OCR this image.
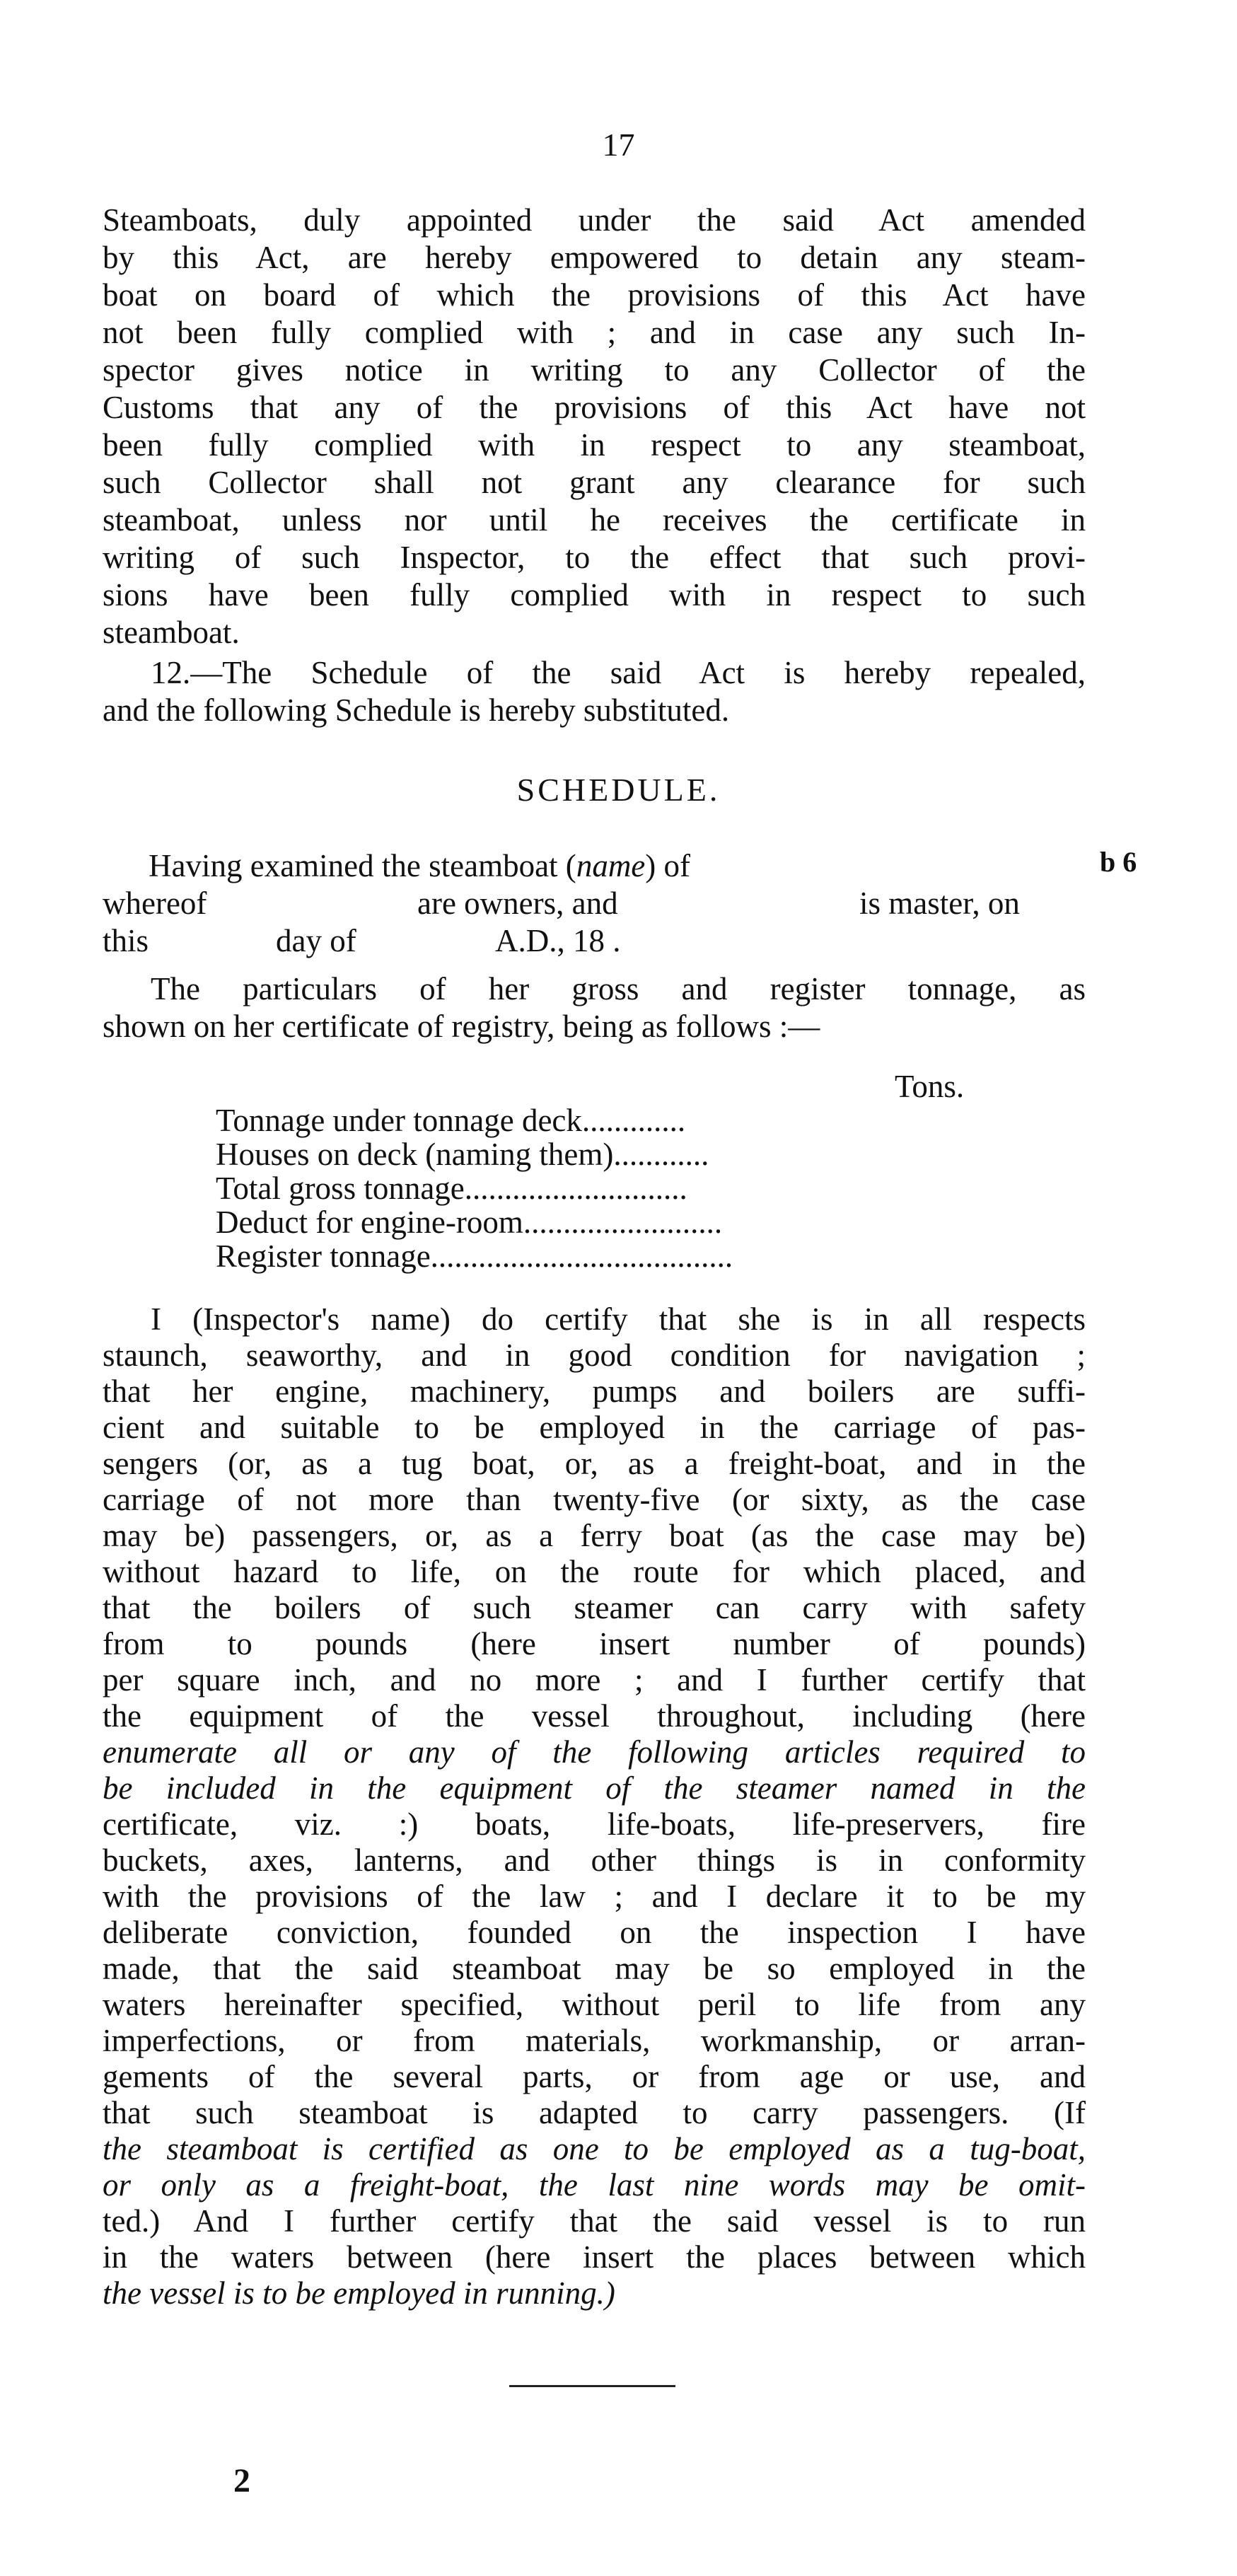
17
Steamboats, duly appointed under the said Act amended
by this Act, are hereby empowered to detain any steam-
boat on board of which the provisions of this Act have
not been fully complied with ; and in case any such In-
spector gives notice in writing to any Collector of the
Customs that any of the provisions of this Act have not
been fully complied with in respect to any steamboat,
such Collector shall not grant any clearance for such
steamboat, unless nor until he receives the certificate in
writing of such Inspector, to the effect that such provi-
sions have been fully complied with in respect to such
steamboat.
12.—The Schedule of the said Act is hereby repealed,
and the following Schedule is hereby substituted.
SCHEDULE.
b 6
Having examined the steamboat (name) of
whereof	are owners, and	is master, on
this	day of	A.D., 18 .
The particulars of her gross and register tonnage, as
shown on her certificate of registry, being as follows :—
Tons.
Tonnage under tonnage deck.............
Houses on deck (naming them)............
Total gross tonnage............................
Deduct for engine-room.........................
Register tonnage......................................
I (Inspector's name) do certify that she is in all respects
staunch, seaworthy, and in good condition for navigation ;
that her engine, machinery, pumps and boilers are suffi-
cient and suitable to be employed in the carriage of pas-
sengers (or, as a tug boat, or, as a freight-boat, and in the
carriage of not more than twenty-five (or sixty, as the case
may be) passengers, or, as a ferry boat (as the case may be)
without hazard to life, on the route for which placed, and
that the boilers of such steamer can carry with safety
from to pounds (here insert number of pounds)
per square inch, and no more ; and I further certify that
the equipment of the vessel throughout, including (here
enumerate all or any of the following articles required to
be included in the equipment of the steamer named in the
certificate, viz. :) boats, life-boats, life-preservers, fire
buckets, axes, lanterns, and other things is in conformity
with the provisions of the law ; and I declare it to be my
deliberate conviction, founded on the inspection I have
made, that the said steamboat may be so employed in the
waters hereinafter specified, without peril to life from any
imperfections, or from materials, workmanship, or arran-
gements of the several parts, or from age or use, and
that such steamboat is adapted to carry passengers. (If
the steamboat is certified as one to be employed as a tug-boat,
or only as a freight-boat, the last nine words may be omit-
ted.) And I further certify that the said vessel is to run
in the waters between (here insert the places between which
the vessel is to be employed in running.)
2
